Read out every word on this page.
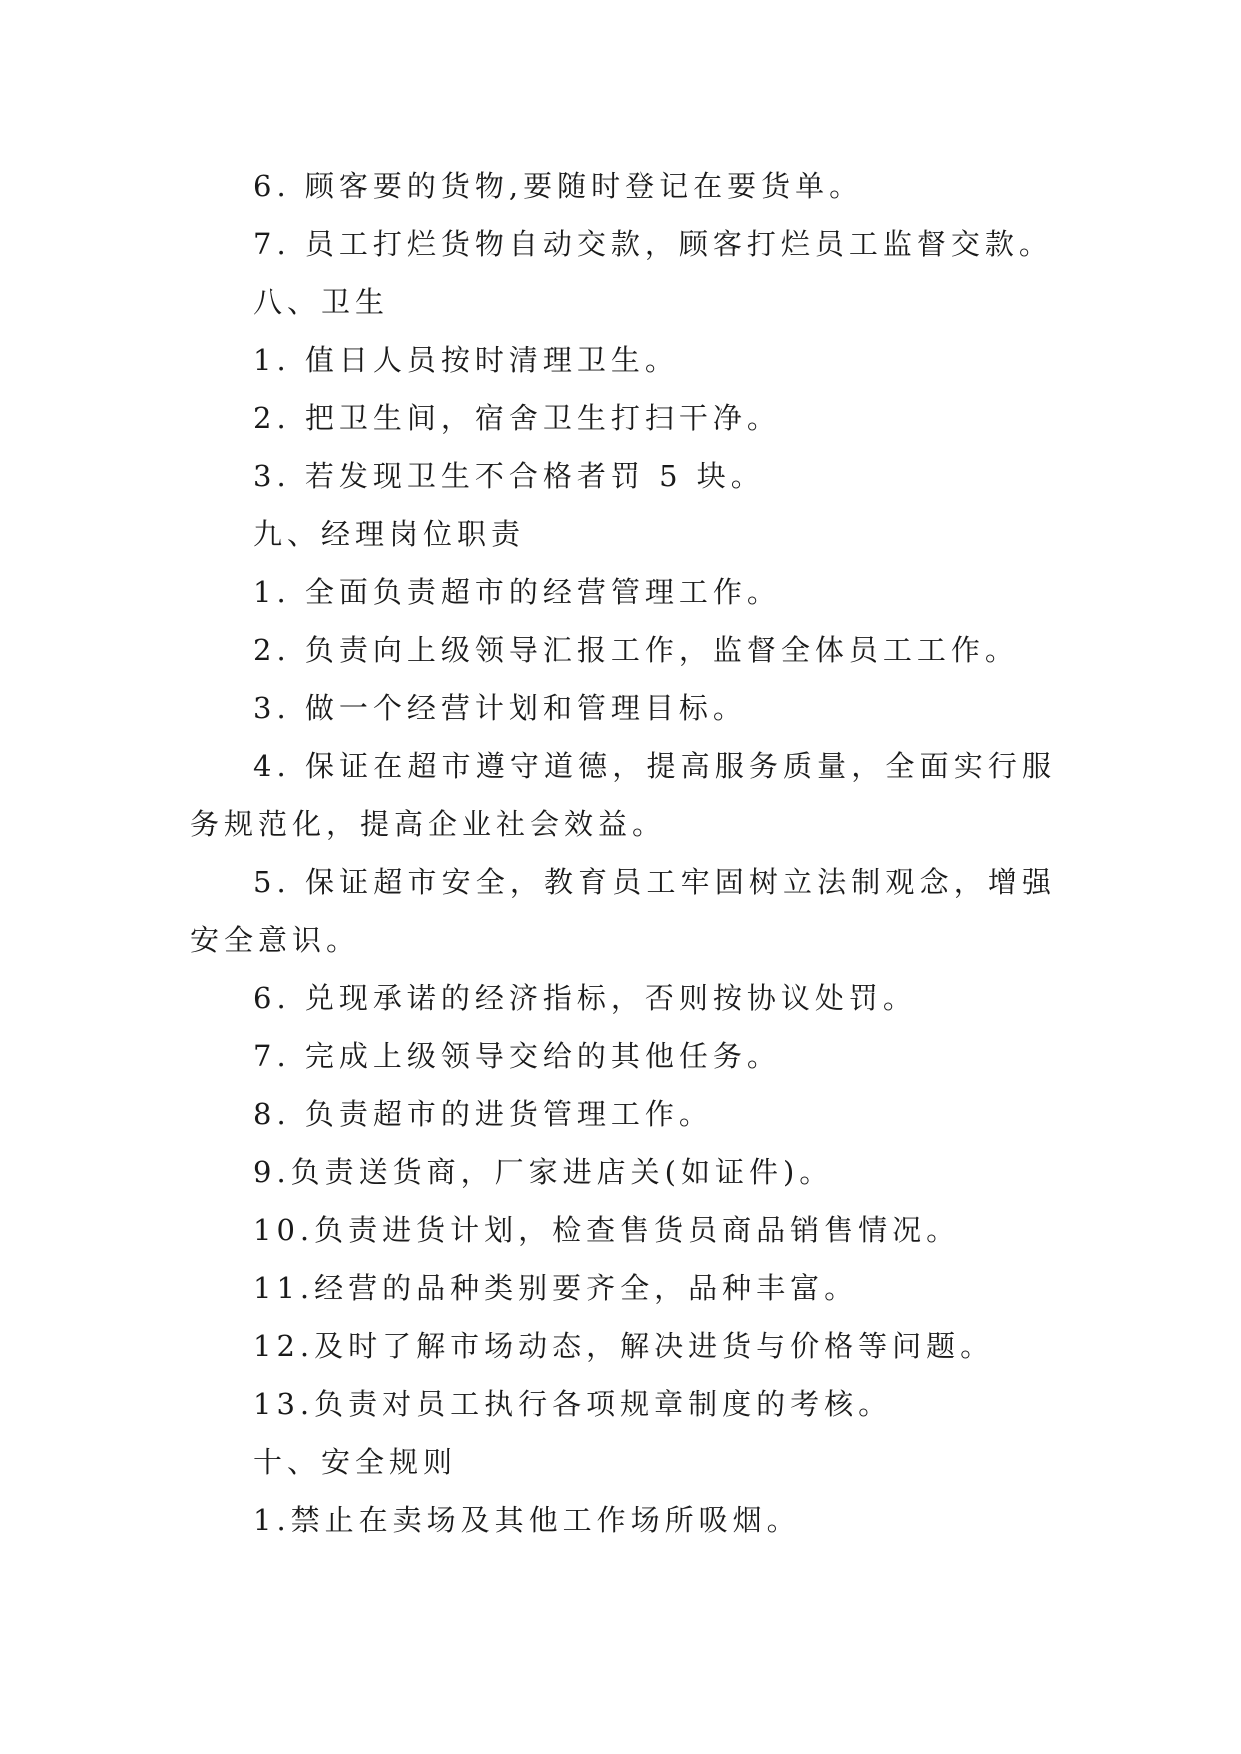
6. 顾客要的货物,要随时登记在要货单。
7. 员工打烂货物自动交款，顾客打烂员工监督交款。
八、卫生
1. 值日人员按时清理卫生。
2. 把卫生间，宿舍卫生打扫干净。
3. 若发现卫生不合格者罚 5 块。
九、经理岗位职责
1. 全面负责超市的经营管理工作。
2. 负责向上级领导汇报工作，监督全体员工工作。
3. 做一个经营计划和管理目标。
4. 保证在超市遵守道德，提高服务质量，全面实行服务规范化，提高企业社会效益。
5. 保证超市安全，教育员工牢固树立法制观念，增强安全意识。
6. 兑现承诺的经济指标，否则按协议处罚。
7. 完成上级领导交给的其他任务。
8. 负责超市的进货管理工作。
9.负责送货商，厂家进店关(如证件)。
10.负责进货计划，检查售货员商品销售情况。
11.经营的品种类别要齐全，品种丰富。
12.及时了解市场动态，解决进货与价格等问题。
13.负责对员工执行各项规章制度的考核。
十、安全规则
1.禁止在卖场及其他工作场所吸烟。
